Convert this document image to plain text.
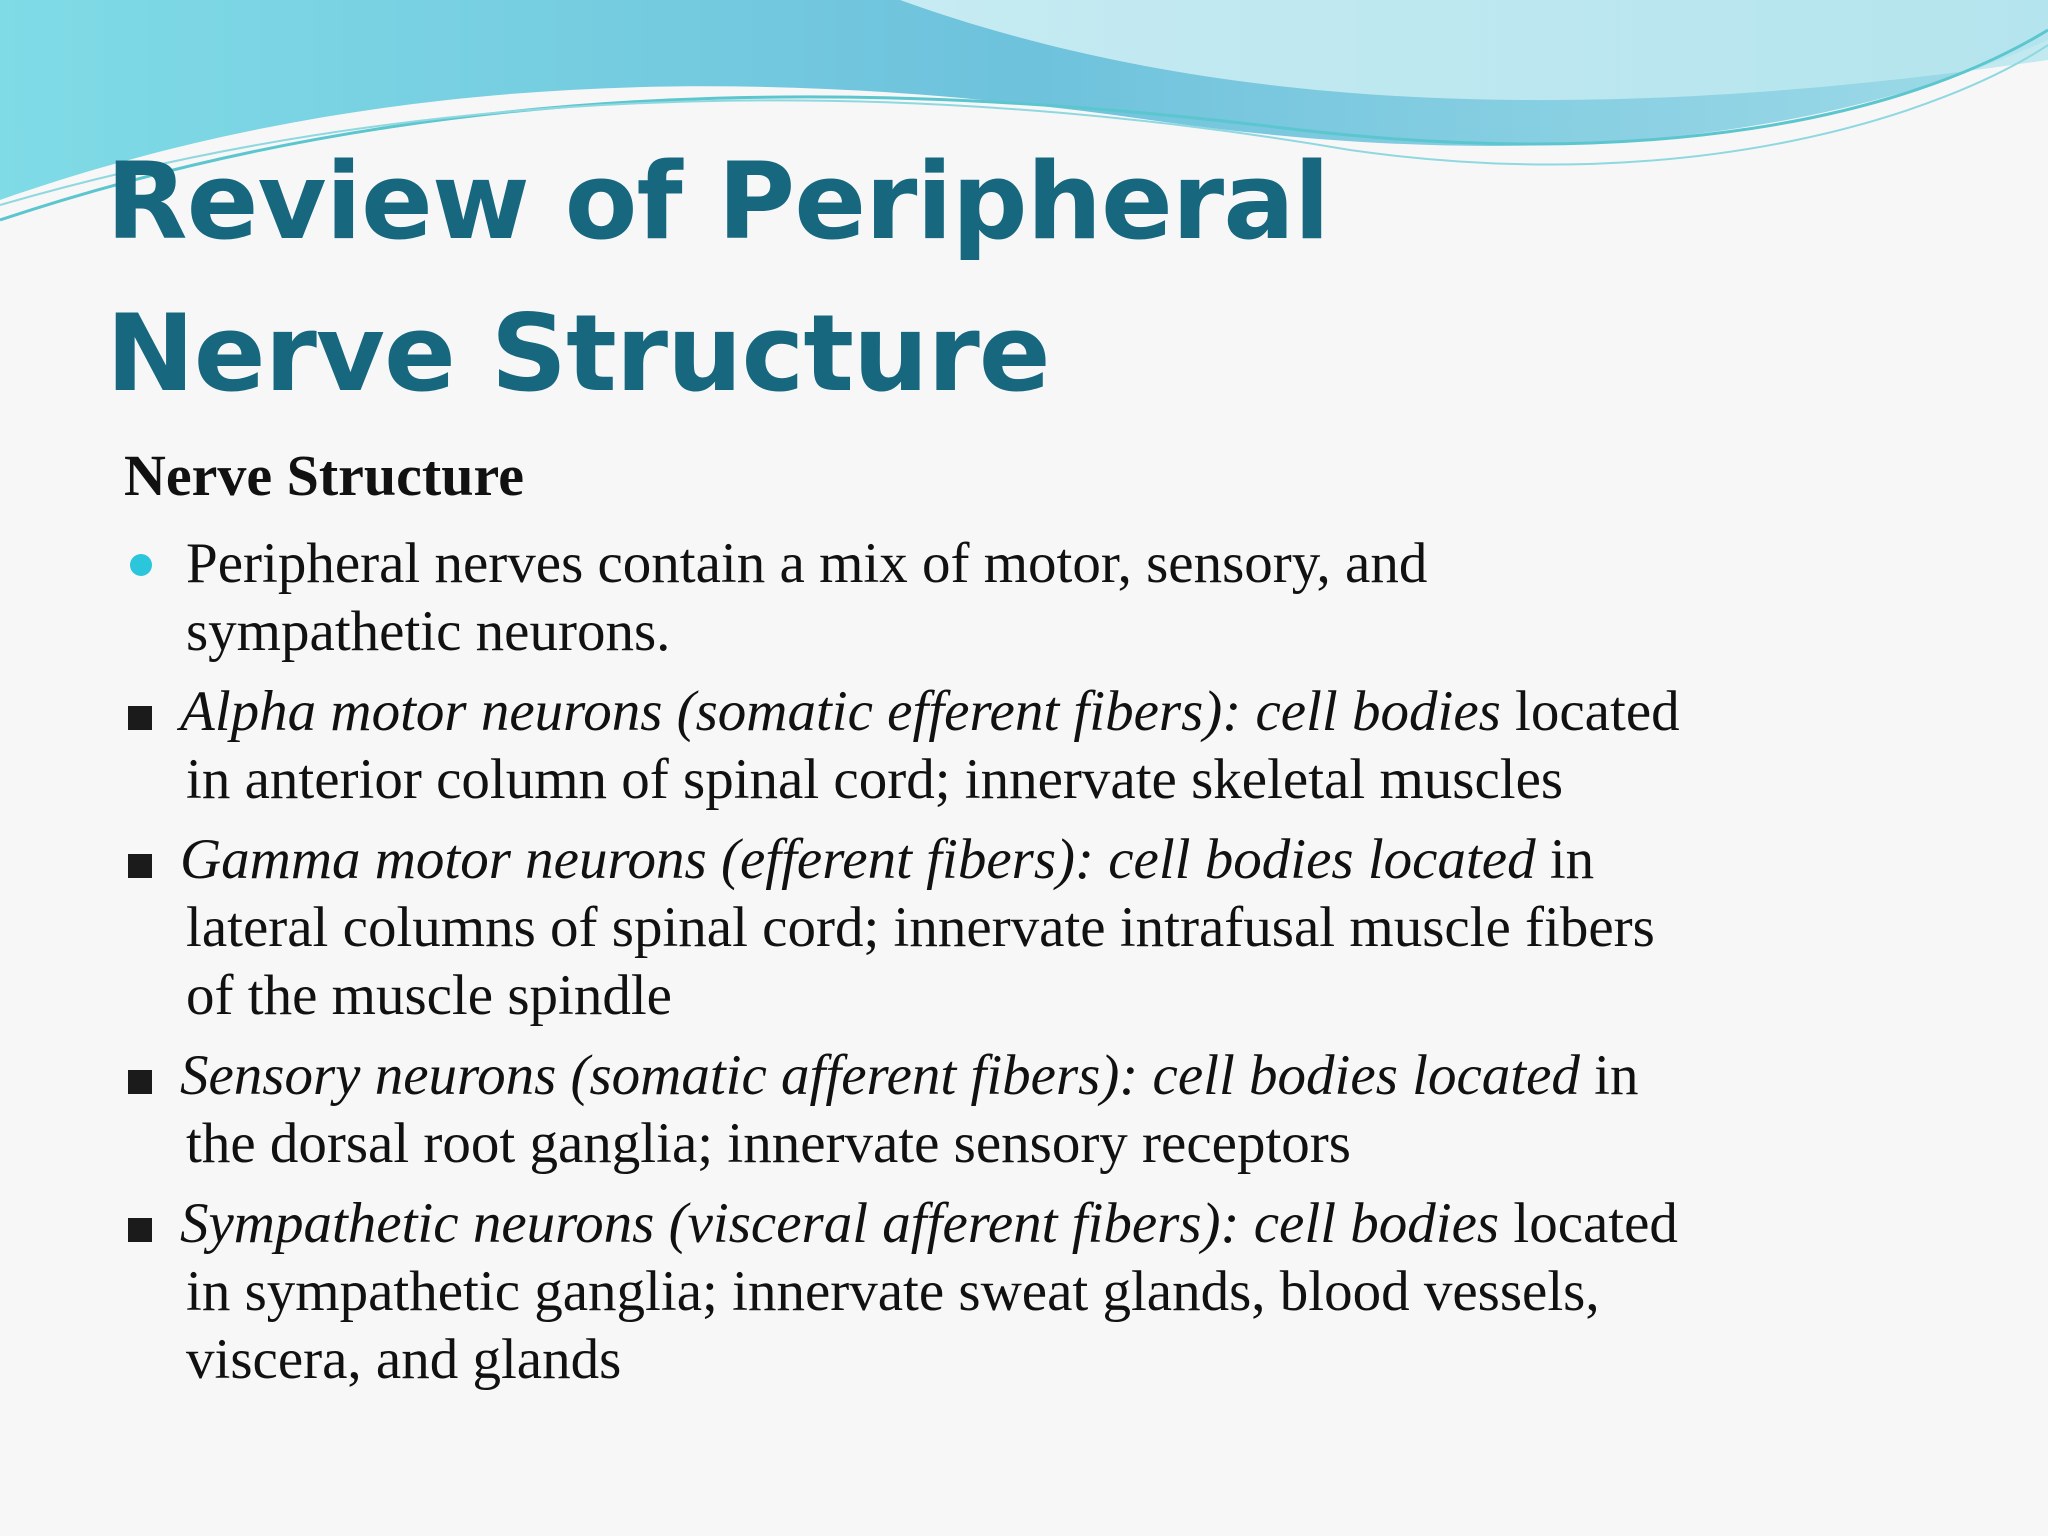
Review of Peripheral
Nerve Structure

Nerve Structure

Peripheral nerves contain a mix of motor, sensory, and
sympathetic neurons.
Alpha motor neurons (somatic efferent fibers): cell bodies located
in anterior column of spinal cord; innervate skeletal muscles
Gamma motor neurons (efferent fibers): cell bodies located in
lateral columns of spinal cord; innervate intrafusal muscle fibers
of the muscle spindle
Sensory neurons (somatic afferent fibers): cell bodies located in
the dorsal root ganglia; innervate sensory receptors
Sympathetic neurons (visceral afferent fibers): cell bodies located
in sympathetic ganglia; innervate sweat glands, blood vessels,
viscera, and glands
